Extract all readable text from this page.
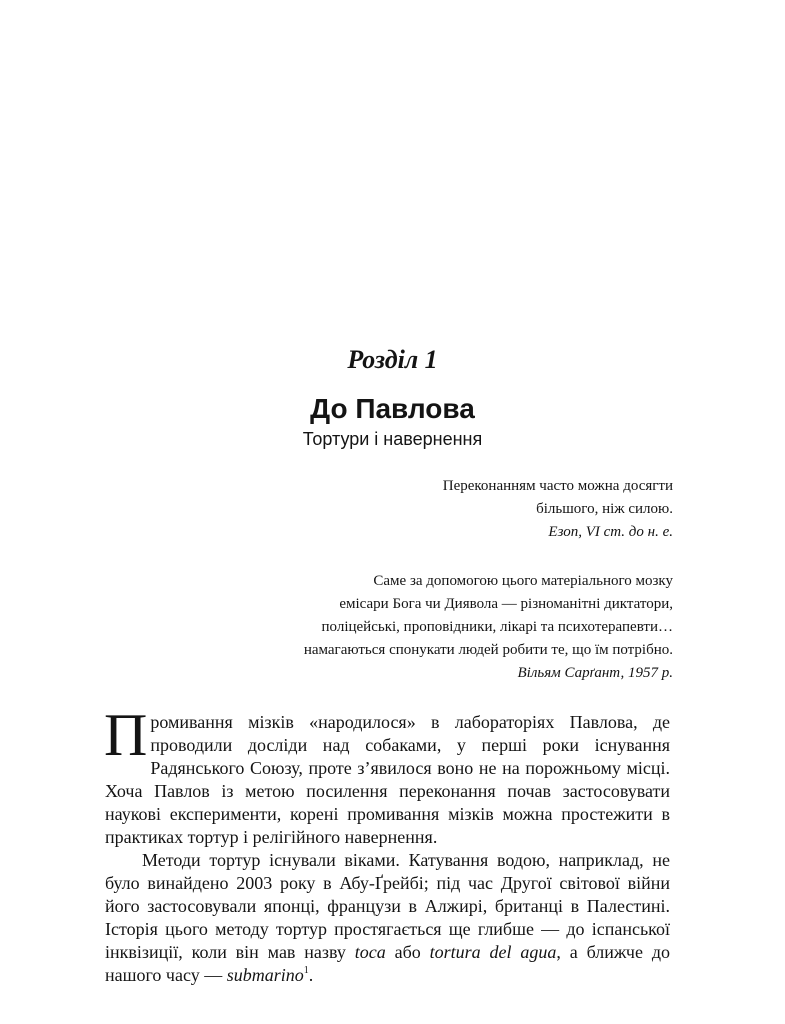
Розділ 1
До Павлова
Тортури і навернення
Переконанням часто можна досягти
більшого, ніж силою.
Езоп, VI ст. до н. е.
Саме за допомогою цього матеріального мозку
емісари Бога чи Диявола — різноманітні диктатори,
поліцейські, проповідники, лікарі та психотерапевти…
намагаються спонукати людей робити те, що їм потрібно.
Вільям Сарґант, 1957 р.

Промивання мізків «народилося» в лабораторіях Павлова, де проводили досліди над собаками, у перші роки існування Радянського Союзу, проте з’явилося воно не на порожньому місці. Хоча Павлов із метою посилення переконання почав застосовувати наукові експерименти, корені промивання мізків можна простежити в практиках тортур і релігійного навернення.

Методи тортур існували віками. Катування водою, наприклад, не було винайдено 2003 року в Абу-Ґрейбі; під час Другої світової війни його застосовували японці, французи в Алжирі, британці в Палестині. Історія цього методу тортур простягається ще глибше — до іспанської інквізиції, коли він мав назву toca або tortura del agua, а ближче до нашого часу — submarino$^1$.
